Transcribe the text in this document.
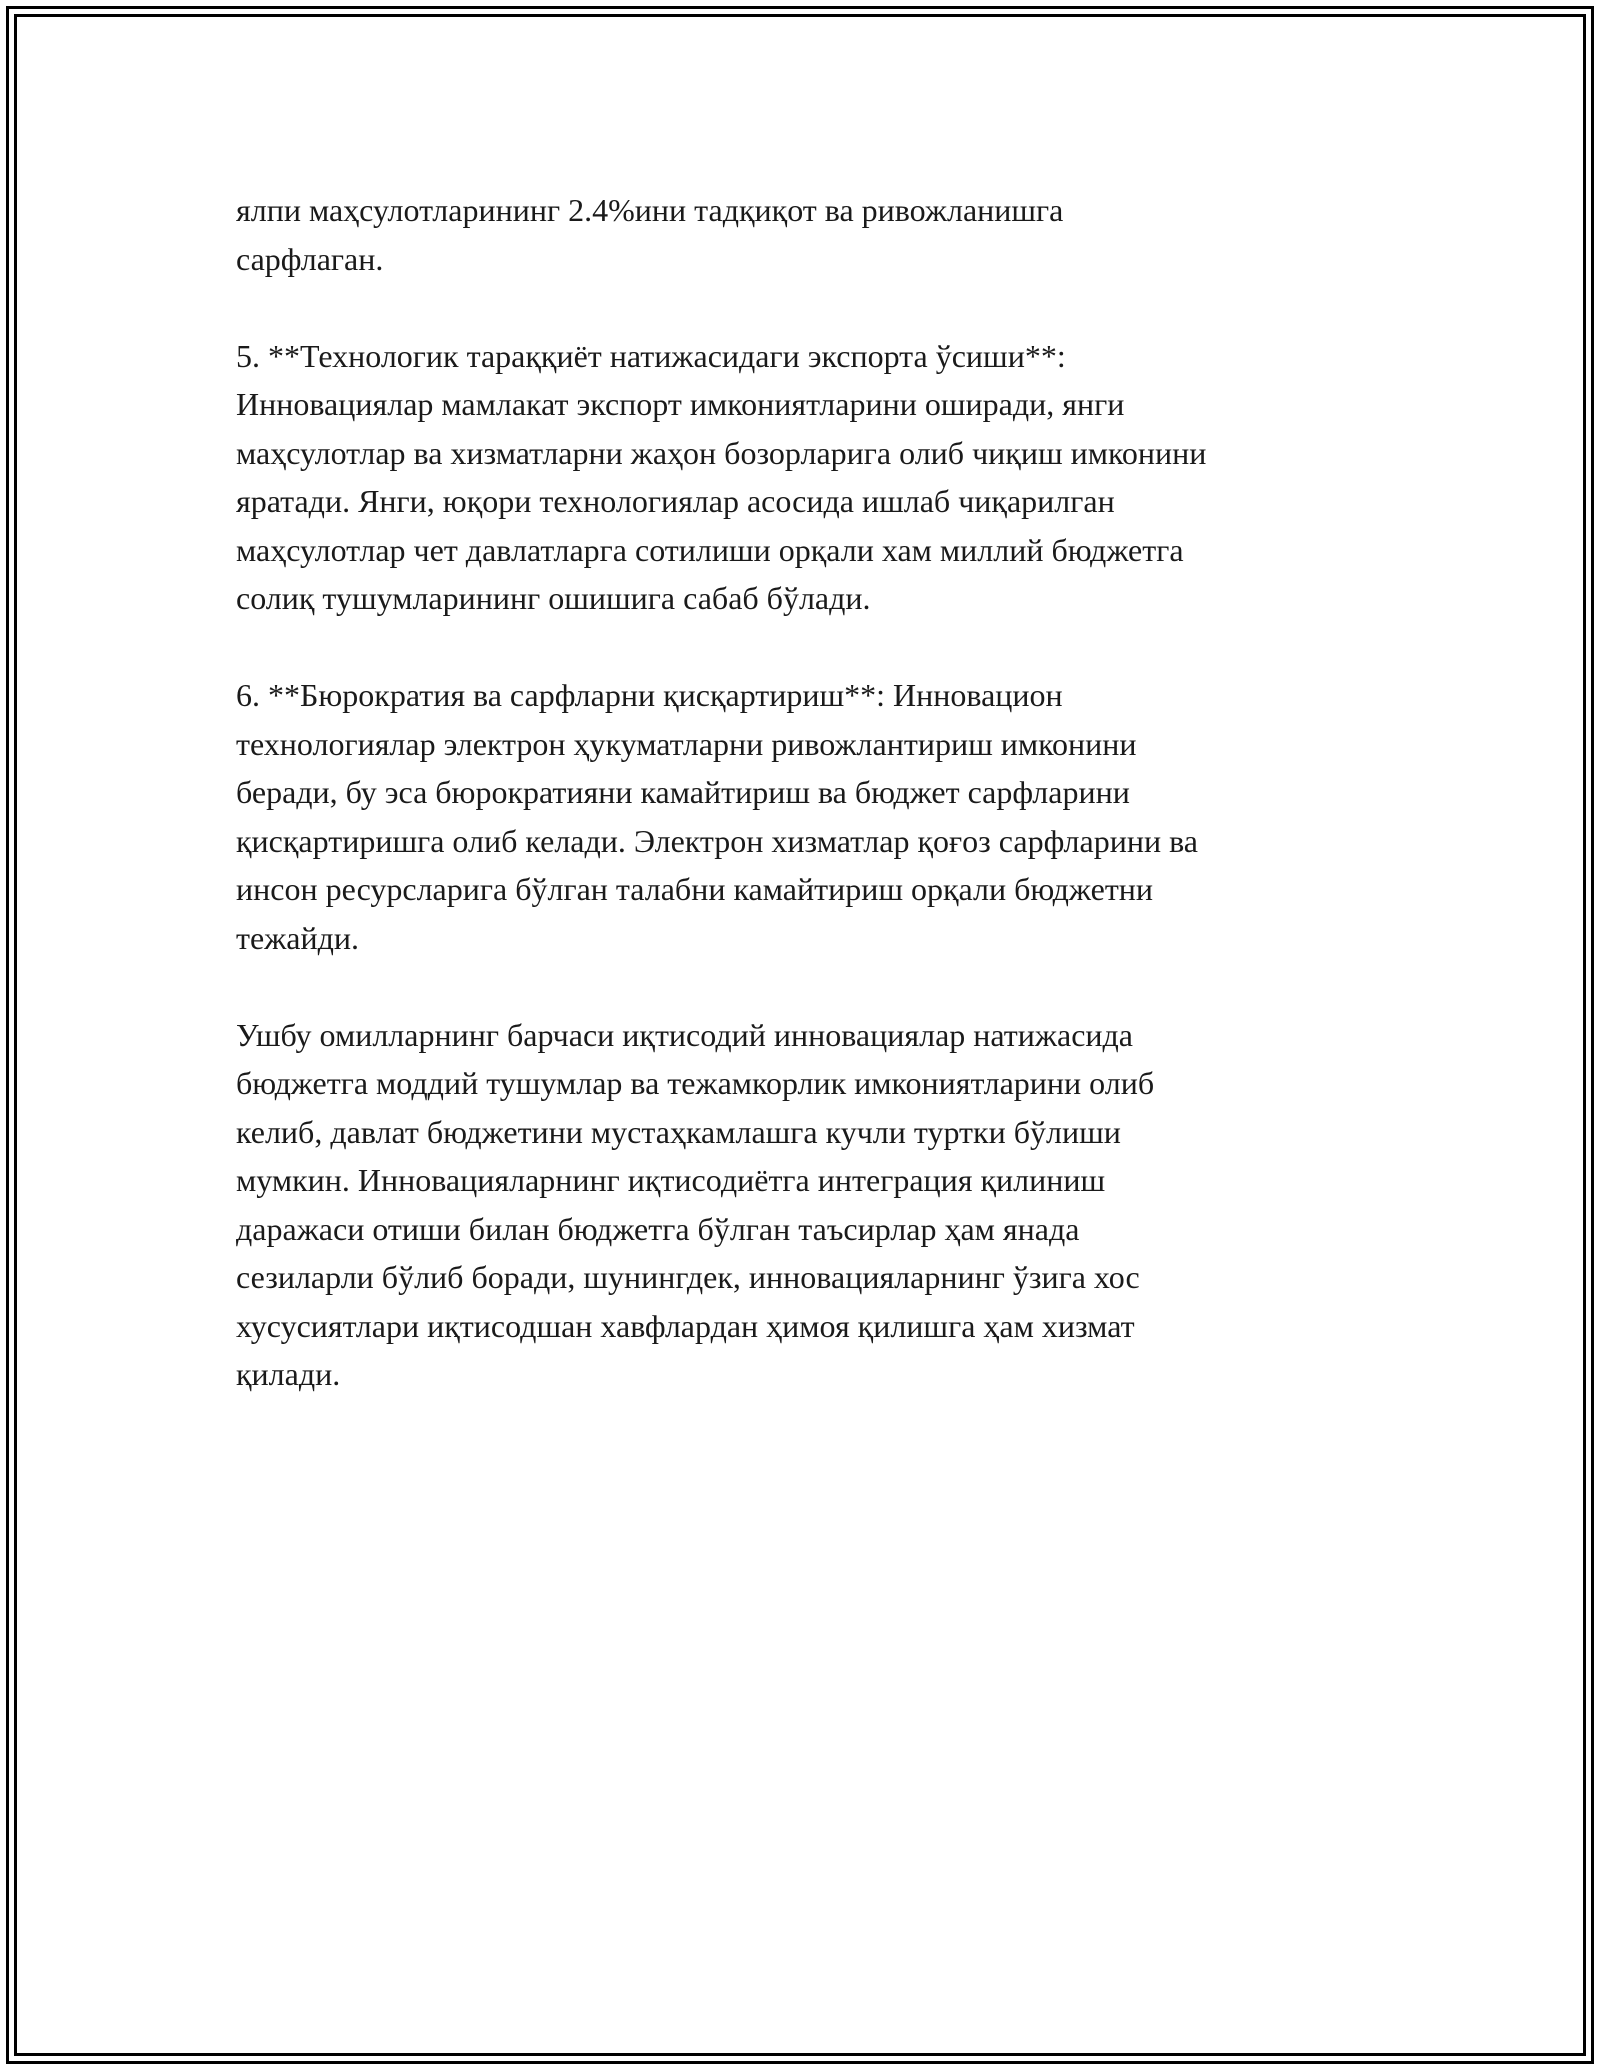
ялпи маҳсулотларининг 2.4%ини тадқиқот ва ривожланишга
сарфлаган.

5. **Технологик тараққиёт натижасидаги экспорта ўсиши**:
Инновациялар мамлакат экспорт имкониятларини оширади, янги
маҳсулотлар ва хизматларни жаҳон бозорларига олиб чиқиш имконини
яратади. Янги, юқори технологиялар асосида ишлаб чиқарилган
маҳсулотлар чет давлатларга сотилиши орқали хам миллий бюджетга
солиқ тушумларининг ошишига сабаб бўлади.

6. **Бюрократия ва сарфларни қисқартириш**: Инновацион
технологиялар электрон ҳукуматларни ривожлантириш имконини
беради, бу эса бюрократияни камайтириш ва бюджет сарфларини
қисқартиришга олиб келади. Электрон хизматлар қоғоз сарфларини ва
инсон ресурсларига бўлган талабни камайтириш орқали бюджетни
тежайди.

Ушбу омилларнинг барчаси иқтисодий инновациялар натижасида
бюджетга моддий тушумлар ва тежамкорлик имкониятларини олиб
келиб, давлат бюджетини мустаҳкамлашга кучли туртки бўлиши
мумкин. Инновацияларнинг иқтисодиётга интеграция қилиниш
даражаси отиши билан бюджетга бўлган таъсирлар ҳам янада
сезиларли бўлиб боради, шунингдек, инновацияларнинг ўзига хос
хусусиятлари иқтисодшан хавфлардан ҳимоя қилишга ҳам хизмат
қилади.
